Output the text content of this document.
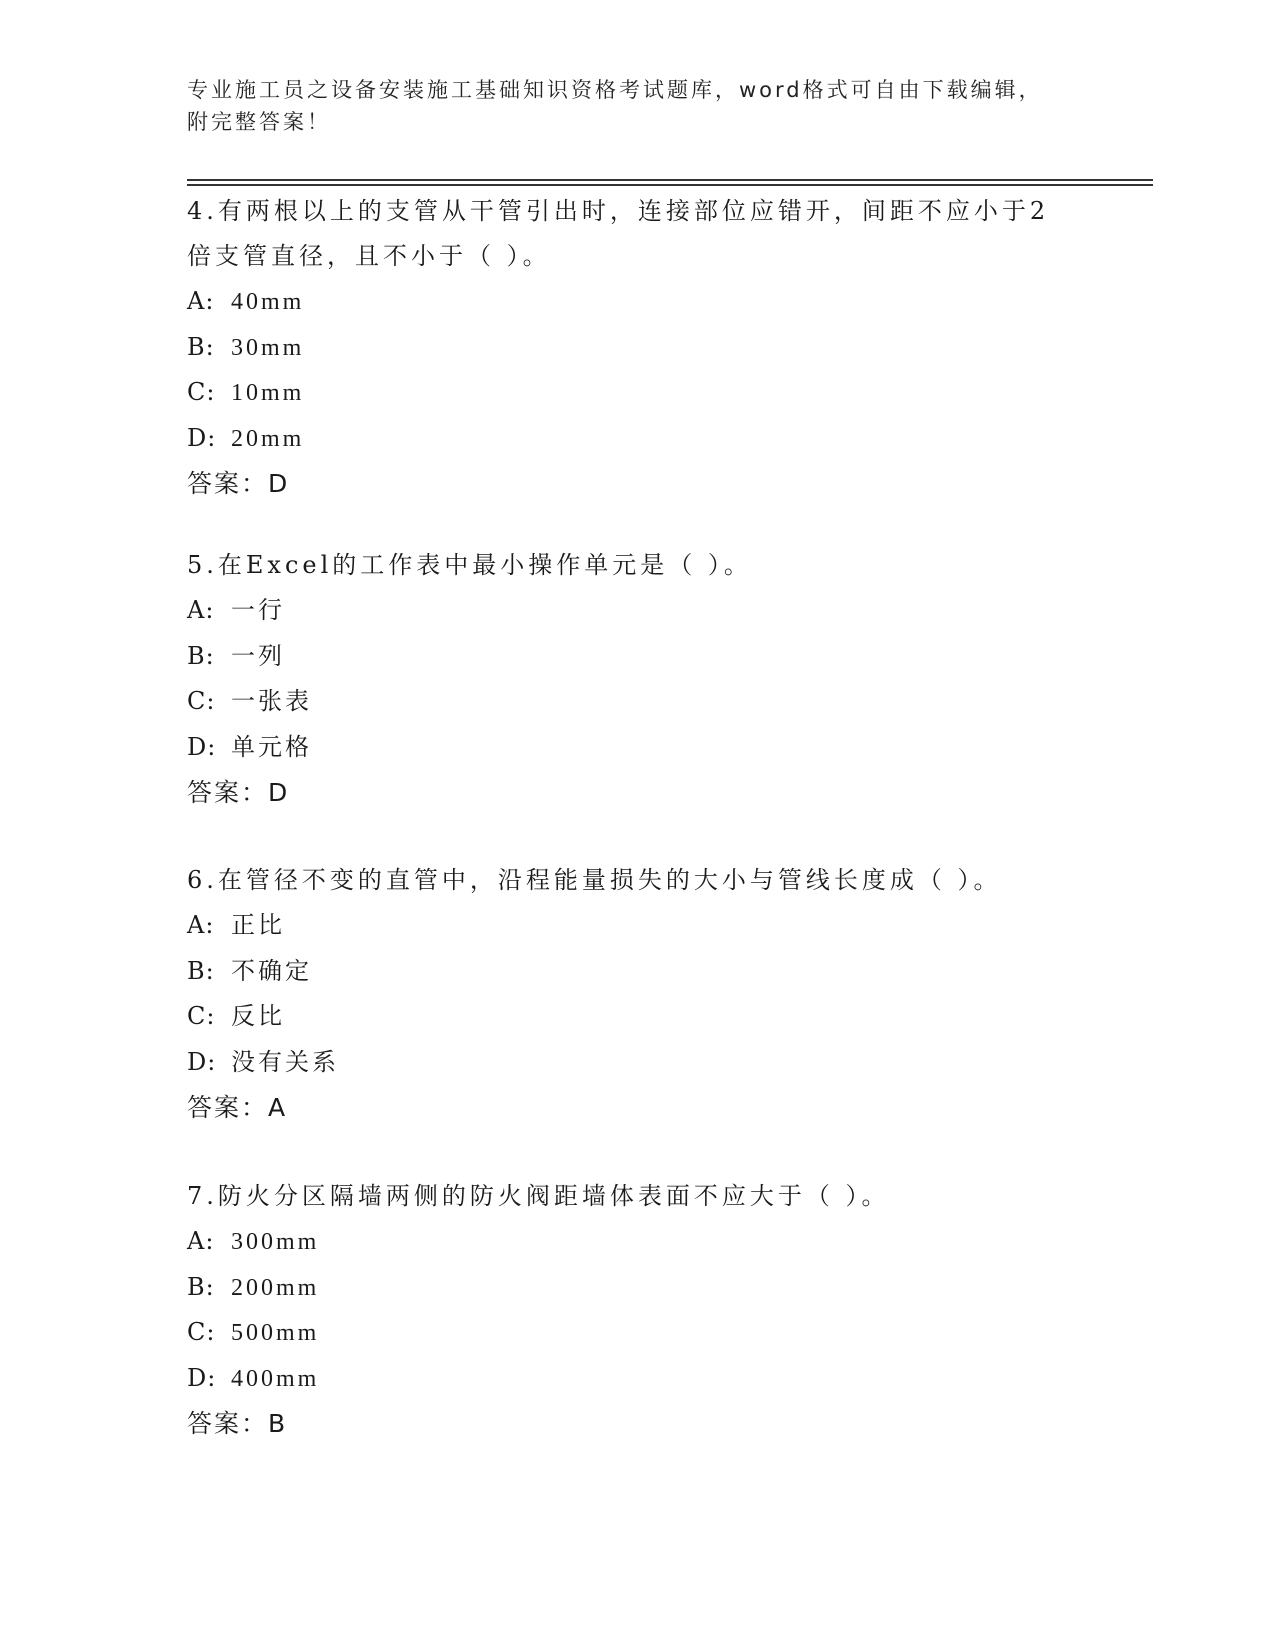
专业施工员之设备安装施工基础知识资格考试题库，word格式可自由下载编辑，附完整答案！

4.有两根以上的支管从干管引出时，连接部位应错开，间距不应小于2倍支管直径，且不小于（ ）。

A: 40mm
B: 30mm
C: 10mm
D: 20mm
答案：D

5.在Excel的工作表中最小操作单元是（ ）。

A: 一行
B: 一列
C: 一张表
D: 单元格
答案：D

6.在管径不变的直管中，沿程能量损失的大小与管线长度成（ ）。

A: 正比
B: 不确定
C: 反比
D: 没有关系
答案：A

7.防火分区隔墙两侧的防火阀距墙体表面不应大于（ ）。

A: 300mm
B: 200mm
C: 500mm
D: 400mm
答案：B
